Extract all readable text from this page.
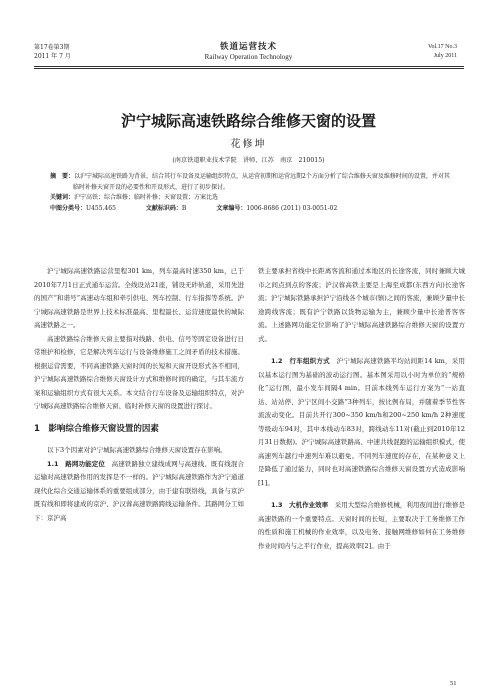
第17卷第3期
2011 年 7 月
铁道运营技术
Railway Operation Technology
Vol.17 No.3
July 2011
沪宁城际高速铁路综合维修天窗的设置
花修坤
(南京铁道职业技术学院　讲师，江苏　南京　210015)
摘　要：以沪宁城际高速铁路为背景，结合其行车设备及运输组织特点，从运营初期和运营远期2个方面分析了综合维修天窗及维修时间的设置，并对其临时补修天窗开设的必要性和开设形式，进行了初步探讨。
关键词：沪宁高铁；综合维修；临时补修；天窗设置；方案比选
中图分类号：U455.465	文献标识码：B	文章编号：1006-8686 (2011) 03-0051-02

沪宁城际高速铁路运营里程301 km，列车最高时速350 km，已于2010年7月1日正式通车运营。全线设站21座，铺设无砟轨道，采用先进的国产“和谐号”高速动车组和牵引供电、列车控制、行车指挥等系统。沪宁城际高速铁路是世界上技术标准最高、里程最长、运营速度最快的城际高速铁路之一。

高速铁路综合维修天窗主要指对线路、供电、信号等固定设备进行日常维护和检修，它是解决列车运行与设备维修施工之间矛盾的技术措施。根据运营需要，不同高速铁路天窗时间的长短和天窗开设形式各不相同，沪宁城际高速铁路综合维修天窗设计方式和维修时间的确定，与其车流方案和运输组织方式有很大关系。本文结合行车设备及运输组织特点，对沪宁城际高速铁路综合维修天窗、临时补修天窗的设置进行探讨。

1　影响综合维修天窗设置的因素

以下3个因素对沪宁城际高速铁路综合维修天窗设置存在影响。

1.1　路网功能定位　 高速铁路独立建线成网与高速线、既有线混合运输对高速铁路作用的发挥是不一样的。沪宁城际高速铁路作为沪宁通道现代化综合交通运输体系的重要组成部分，由于建有联络线，具备与京沪既有线和即将建成的京沪、沪汉蓉高速铁路跨线运输条件。其路网分工如下：京沪高

铁主要承担省线中长距离客流和通过本地区的长途客流，同时兼顾大城市之间点到点的客流；沪汉蓉高铁主要是上海至成都(东西方向)长途客流；沪宁城际铁路承担沪宁沿线各个城市(镇)之间的客流，兼顾少量中长途跨线客流；既有沪宁铁路以货物运输为主，兼顾少量中长途普客客流。上述路网功能定位影响了沪宁城际高速铁路综合维修天窗的设置方式。

1.2　行车组织方式　 沪宁城际高速铁路平均站间距14 km，采用以基本运行图为基础的波动运行图。基本图采用以小时为单位的“规格化”运行图，最小发车间隔4 min。目前本线列车运行方案为“一站直达、站站停、沪宁区间小交路”3种列车，按比例布局，并随着季节性客流波动变化。目前共开行300~350 km/h和200~250 km/h 2种速度等级动车94对，其中本线动车83对，跨线动车11对(截止到2010年12月31日数据)。沪宁城际高速铁路高、中速共线混跑的运输组织模式，使高速列车越行中速列车难以避免。不同列车速度的存在，在某种意义上是降低了通过能力，同时也对高速铁路综合维修天窗设置方式造成影响[1]。

1.3　大机作业效率　 采用大型综合维修机械，利用夜间进行维修是高速铁路的一个重要特点。天窗时间的长短，主要取决于工务维修工作的性质和施工机械的作业效率，以及电务、接触网维修如何在工务维修作业时间内与之平行作业，提高效率[2]。由于

51
